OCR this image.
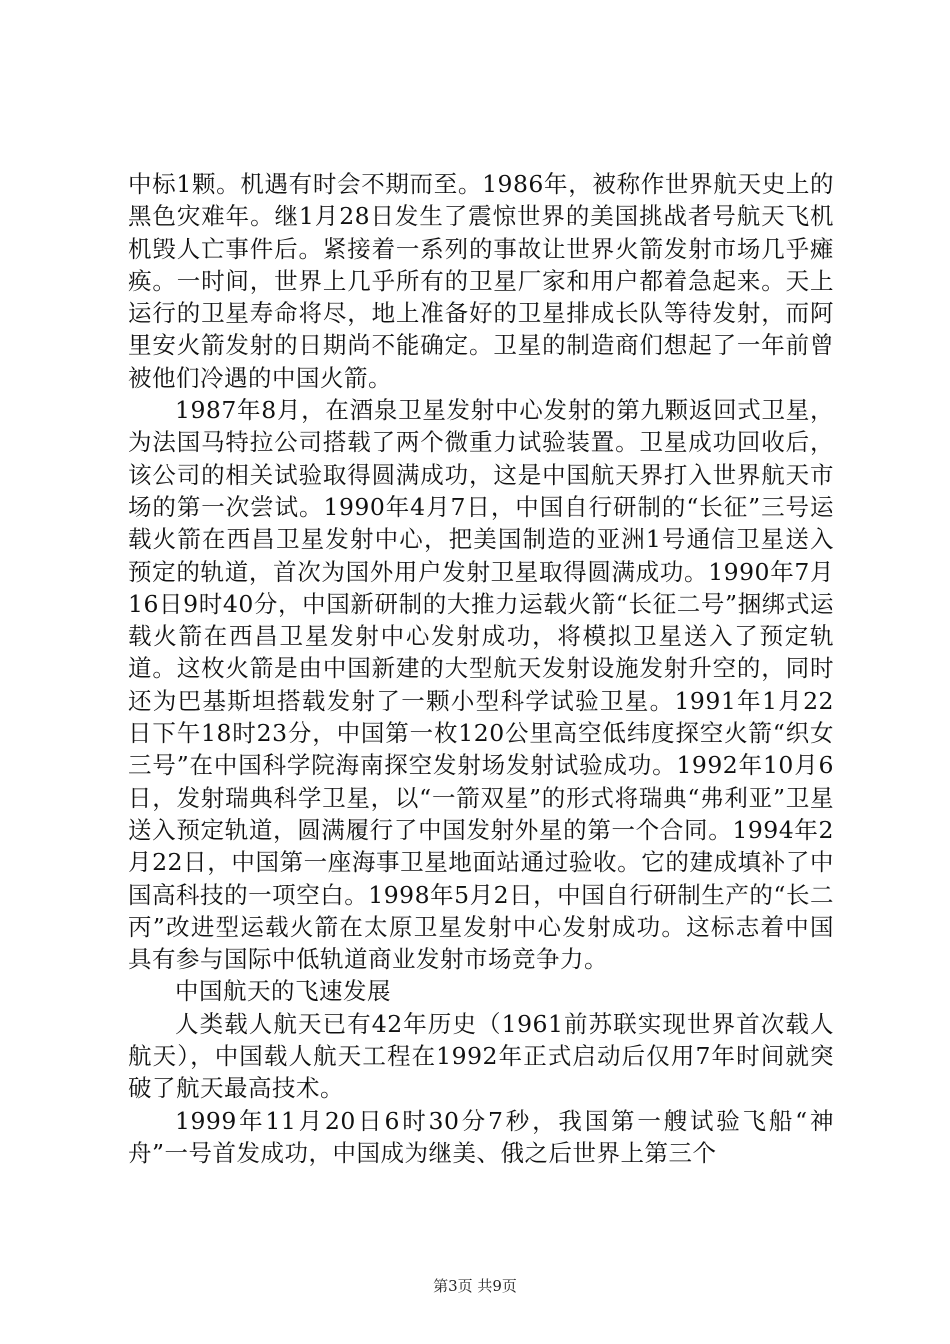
中标1颗。机遇有时会不期而至。1986年，被称作世界航天史上的黑色灾难年。继1月28日发生了震惊世界的美国挑战者号航天飞机机毁人亡事件后。紧接着一系列的事故让世界火箭发射市场几乎瘫痪。一时间，世界上几乎所有的卫星厂家和用户都着急起来。天上运行的卫星寿命将尽，地上准备好的卫星排成长队等待发射，而阿里安火箭发射的日期尚不能确定。卫星的制造商们想起了一年前曾被他们冷遇的中国火箭。

1987年8月，在酒泉卫星发射中心发射的第九颗返回式卫星，为法国马特拉公司搭载了两个微重力试验装置。卫星成功回收后，该公司的相关试验取得圆满成功，这是中国航天界打入世界航天市场的第一次尝试。1990年4月7日，中国自行研制的“长征”三号运载火箭在西昌卫星发射中心，把美国制造的亚洲1号通信卫星送入预定的轨道，首次为国外用户发射卫星取得圆满成功。1990年7月16日9时40分，中国新研制的大推力运载火箭“长征二号”捆绑式运载火箭在西昌卫星发射中心发射成功，将模拟卫星送入了预定轨道。这枚火箭是由中国新建的大型航天发射设施发射升空的，同时还为巴基斯坦搭载发射了一颗小型科学试验卫星。1991年1月22日下午18时23分，中国第一枚120公里高空低纬度探空火箭“织女三号”在中国科学院海南探空发射场发射试验成功。1992年10月6日，发射瑞典科学卫星，以“一箭双星”的形式将瑞典“弗利亚”卫星送入预定轨道，圆满履行了中国发射外星的第一个合同。1994年2月22日，中国第一座海事卫星地面站通过验收。它的建成填补了中国高科技的一项空白。1998年5月2日，中国自行研制生产的“长二丙”改进型运载火箭在太原卫星发射中心发射成功。这标志着中国具有参与国际中低轨道商业发射市场竞争力。

中国航天的飞速发展

人类载人航天已有42年历史（1961前苏联实现世界首次载人航天），中国载人航天工程在1992年正式启动后仅用7年时间就突破了航天最高技术。

1999年11月20日6时30分7秒，我国第一艘试验飞船“神舟”一号首发成功，中国成为继美、俄之后世界上第三个

第3页 共9页
